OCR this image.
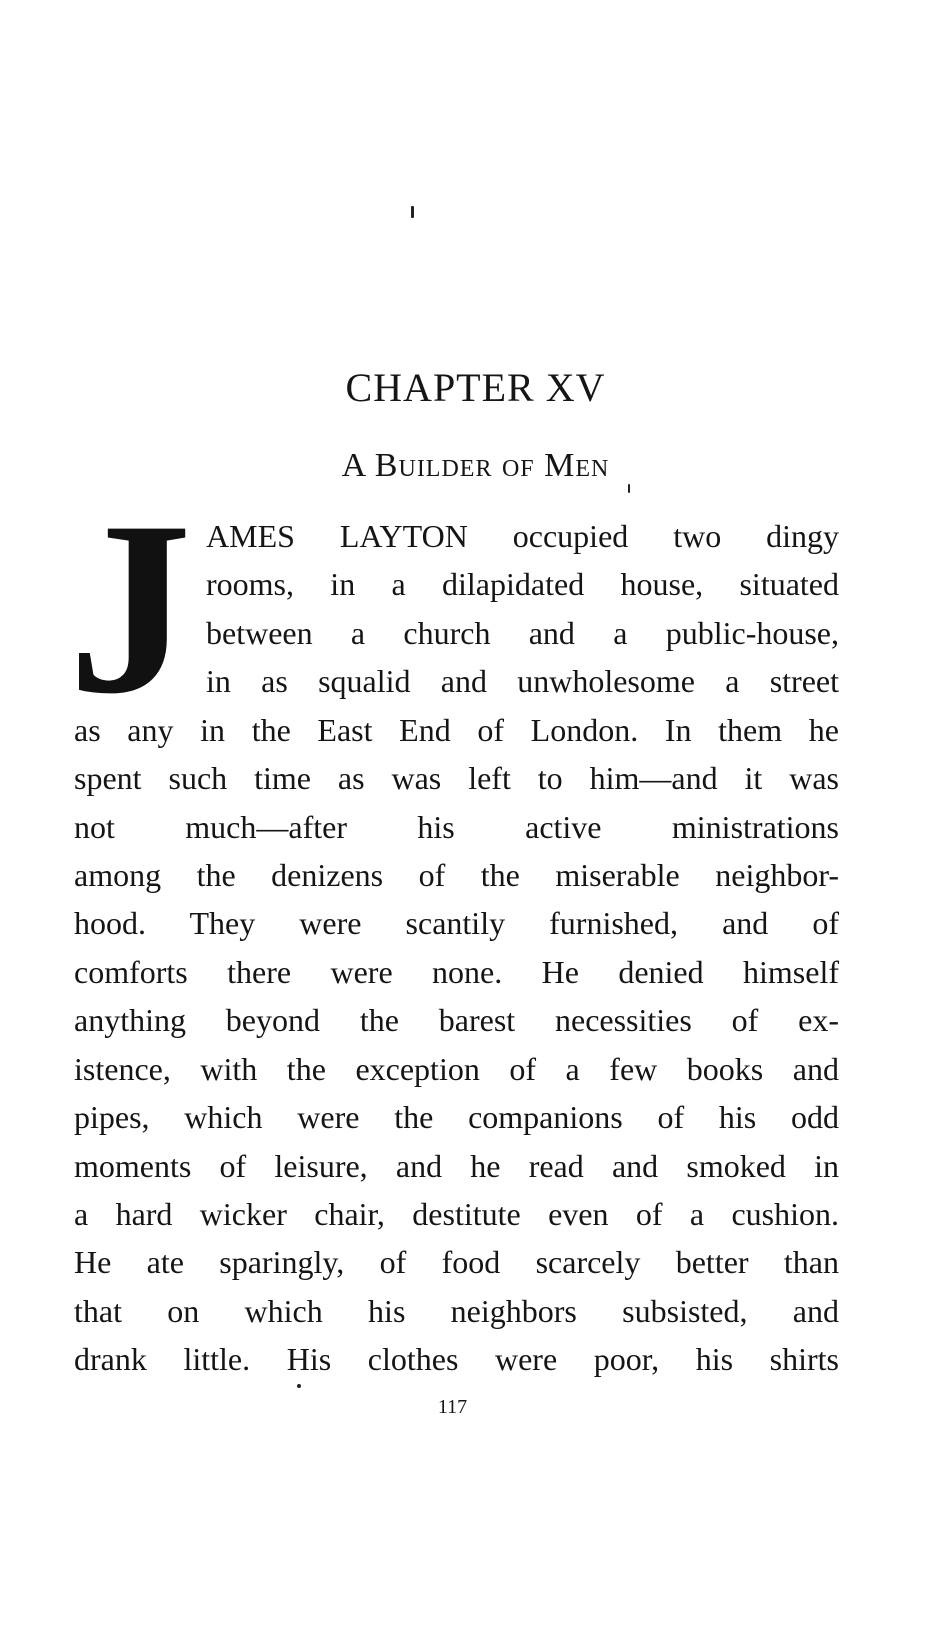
CHAPTER XV
A Builder of Men
J AMES LAYTON occupied two dingy

rooms, in a dilapidated house, situated

between a church and a public-house,

in as squalid and unwholesome a street

as any in the East End of London. In them he

spent such time as was left to him—and it was

not much—after his active ministrations

among the denizens of the miserable neighbor-

hood. They were scantily furnished, and of

comforts there were none. He denied himself

anything beyond the barest necessities of ex-

istence, with the exception of a few books and

pipes, which were the companions of his odd

moments of leisure, and he read and smoked in

a hard wicker chair, destitute even of a cushion.

He ate sparingly, of food scarcely better than

that on which his neighbors subsisted, and

drank little. His clothes were poor, his shirts

117
